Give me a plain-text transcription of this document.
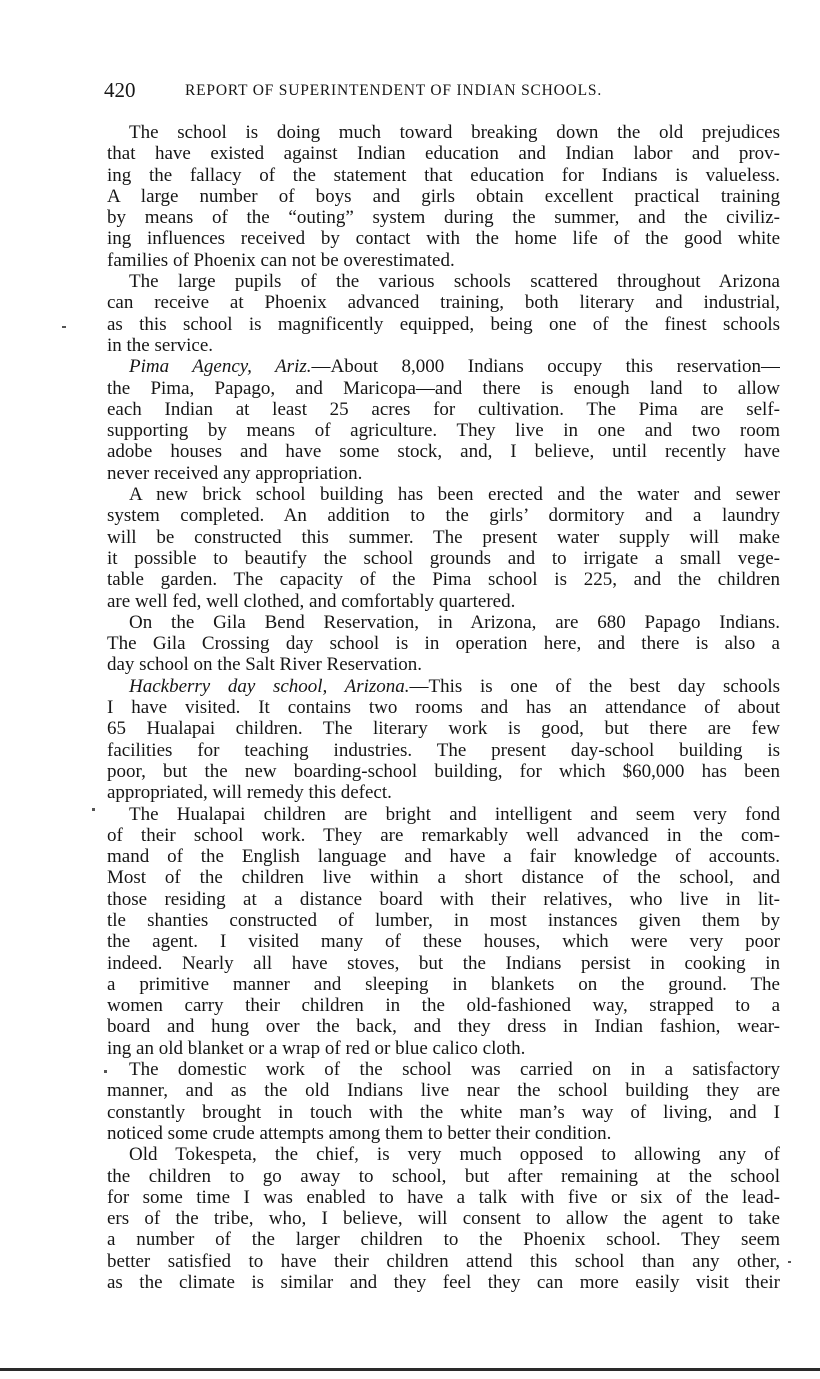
420	REPORT OF SUPERINTENDENT OF INDIAN SCHOOLS.
The school is doing much toward breaking down the old prejudices
that have existed against Indian education and Indian labor and prov-
ing the fallacy of the statement that education for Indians is valueless.
A large number of boys and girls obtain excellent practical training
by means of the “outing” system during the summer, and the civiliz-
ing influences received by contact with the home life of the good white
families of Phoenix can not be overestimated.
The large pupils of the various schools scattered throughout Arizona
can receive at Phoenix advanced training, both literary and industrial,
as this school is magnificently equipped, being one of the finest schools
in the service.
Pima Agency, Ariz.—About 8,000 Indians occupy this reservation—
the Pima, Papago, and Maricopa—and there is enough land to allow
each Indian at least 25 acres for cultivation. The Pima are self-
supporting by means of agriculture. They live in one and two room
adobe houses and have some stock, and, I believe, until recently have
never received any appropriation.
A new brick school building has been erected and the water and sewer
system completed. An addition to the girls’ dormitory and a laundry
will be constructed this summer. The present water supply will make
it possible to beautify the school grounds and to irrigate a small vege-
table garden. The capacity of the Pima school is 225, and the children
are well fed, well clothed, and comfortably quartered.
On the Gila Bend Reservation, in Arizona, are 680 Papago Indians.
The Gila Crossing day school is in operation here, and there is also a
day school on the Salt River Reservation.
Hackberry day school, Arizona.—This is one of the best day schools
I have visited. It contains two rooms and has an attendance of about
65 Hualapai children. The literary work is good, but there are few
facilities for teaching industries. The present day-school building is
poor, but the new boarding-school building, for which $60,000 has been
appropriated, will remedy this defect.
The Hualapai children are bright and intelligent and seem very fond
of their school work. They are remarkably well advanced in the com-
mand of the English language and have a fair knowledge of accounts.
Most of the children live within a short distance of the school, and
those residing at a distance board with their relatives, who live in lit-
tle shanties constructed of lumber, in most instances given them by
the agent. I visited many of these houses, which were very poor
indeed. Nearly all have stoves, but the Indians persist in cooking in
a primitive manner and sleeping in blankets on the ground. The
women carry their children in the old-fashioned way, strapped to a
board and hung over the back, and they dress in Indian fashion, wear-
ing an old blanket or a wrap of red or blue calico cloth.
The domestic work of the school was carried on in a satisfactory
manner, and as the old Indians live near the school building they are
constantly brought in touch with the white man’s way of living, and I
noticed some crude attempts among them to better their condition.
Old Tokespeta, the chief, is very much opposed to allowing any of
the children to go away to school, but after remaining at the school
for some time I was enabled to have a talk with five or six of the lead-
ers of the tribe, who, I believe, will consent to allow the agent to take
a number of the larger children to the Phoenix school. They seem
better satisfied to have their children attend this school than any other,
as the climate is similar and they feel they can more easily visit their
